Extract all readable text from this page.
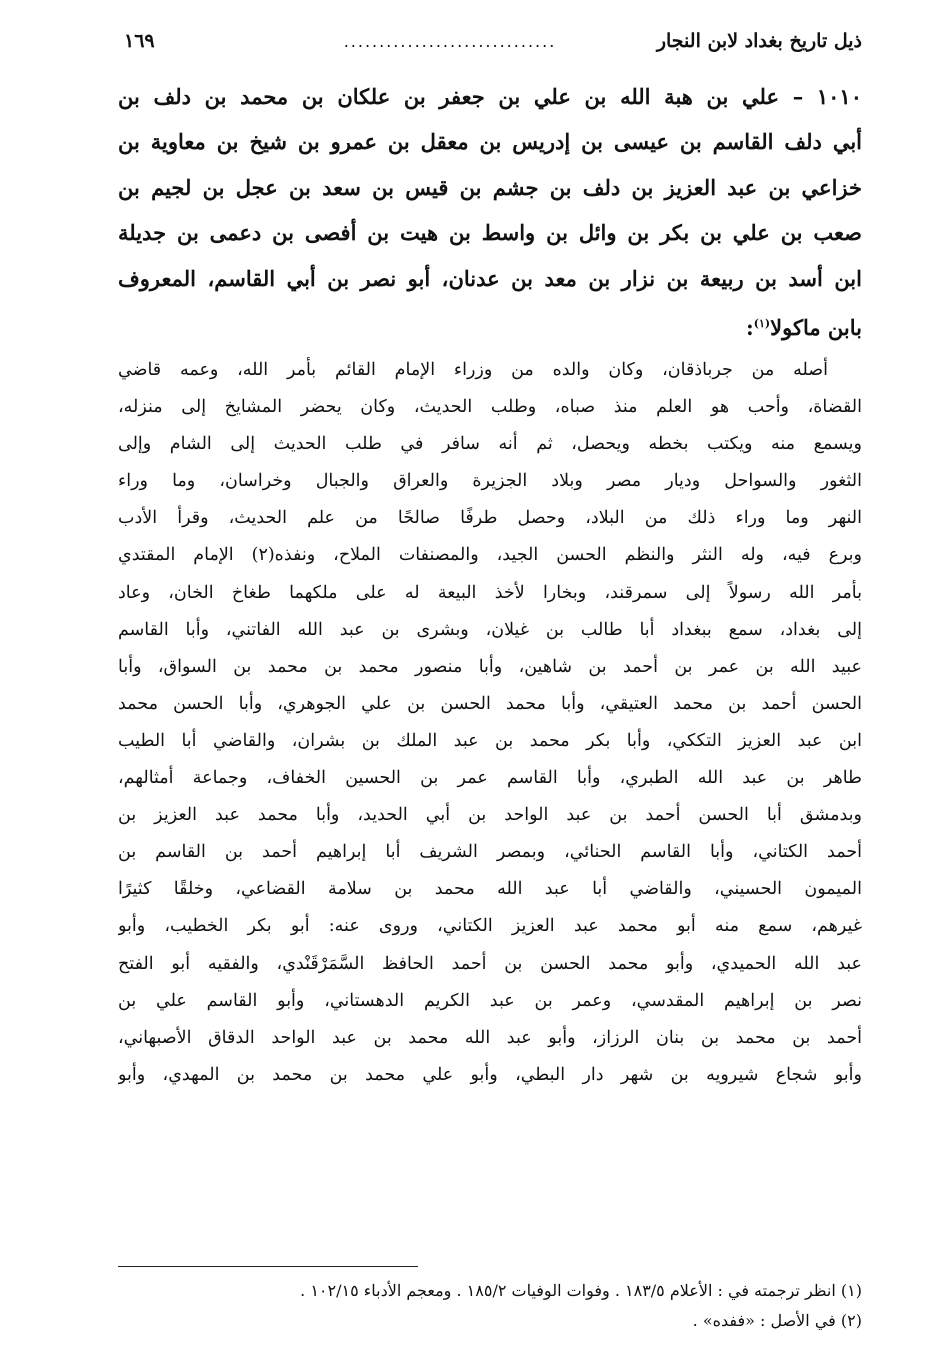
ذيل تاريخ بغداد لابن النجار
..............................
١٦٩
١٠١٠ – علي بن هبة الله بن علي بن جعفر بن علكان بن محمد بن دلف بن
أبي دلف القاسم بن عيسى بن إدريس بن معقل بن عمرو بن شيخ بن معاوية بن
خزاعي بن عبد العزيز بن دلف بن جشم بن قيس بن سعد بن عجل بن لجيم بن
صعب بن علي بن بكر بن وائل بن واسط بن هيت بن أفصى بن دعمى بن جديلة
ابن أسد بن ربيعة بن نزار بن معد بن عدنان، أبو نصر بن أبي القاسم، المعروف
بابن ماكولا$^{(١)}$:
أصله من جرباذقان، وكان والده من وزراء الإمام القائم بأمر الله، وعمه قاضي
القضاة، وأحب هو العلم منذ صباه، وطلب الحديث، وكان يحضر المشايخ إلى منزله،
ويسمع منه ويكتب بخطه ويحصل، ثم أنه سافر في طلب الحديث إلى الشام وإلى
الثغور والسواحل وديار مصر وبلاد الجزيرة والعراق والجبال وخراسان، وما وراء
النهر وما وراء ذلك من البلاد، وحصل طرفًا صالحًا من علم الحديث، وقرأ الأدب
وبرع فيه، وله النثر والنظم الحسن الجيد، والمصنفات الملاح، ونفذه(٢) الإمام المقتدي
بأمر الله رسولاً إلى سمرقند، وبخارا لأخذ البيعة له على ملكهما طغاخ الخان، وعاد
إلى بغداد، سمع ببغداد أبا طالب بن غيلان، وبشرى بن عبد الله الفاتني، وأبا القاسم
عبيد الله بن عمر بن أحمد بن شاهين، وأبا منصور محمد بن محمد بن السواق، وأبا
الحسن أحمد بن محمد العتيقي، وأبا محمد الحسن بن علي الجوهري، وأبا الحسن محمد
ابن عبد العزيز التككي، وأبا بكر محمد بن عبد الملك بن بشران، والقاضي أبا الطيب
طاهر بن عبد الله الطبري، وأبا القاسم عمر بن الحسين الخفاف، وجماعة أمثالهم،
وبدمشق أبا الحسن أحمد بن عبد الواحد بن أبي الحديد، وأبا محمد عبد العزيز بن
أحمد الكتاني، وأبا القاسم الحنائي، وبمصر الشريف أبا إبراهيم أحمد بن القاسم بن
الميمون الحسيني، والقاضي أبا عبد الله محمد بن سلامة القضاعي، وخلقًا كثيرًا
غيرهم، سمع منه أبو محمد عبد العزيز الكتاني، وروى عنه: أبو بكر الخطيب، وأبو
عبد الله الحميدي، وأبو محمد الحسن بن أحمد الحافظ السَّمَرْقَنْدي، والفقيه أبو الفتح
نصر بن إبراهيم المقدسي، وعمر بن عبد الكريم الدهستاني، وأبو القاسم علي بن
أحمد بن محمد بن بنان الرزاز، وأبو عبد الله محمد بن عبد الواحد الدقاق الأصبهاني،
وأبو شجاع شيرويه بن شهر دار البطي، وأبو علي محمد بن محمد بن المهدي، وأبو
(١) انظر ترجمته في : الأعلام ١٨٣/٥ . وفوات الوفيات ١٨٥/٢ . ومعجم الأدباء ١٠٢/١٥ .
(٢) في الأصل : «ففده» .
